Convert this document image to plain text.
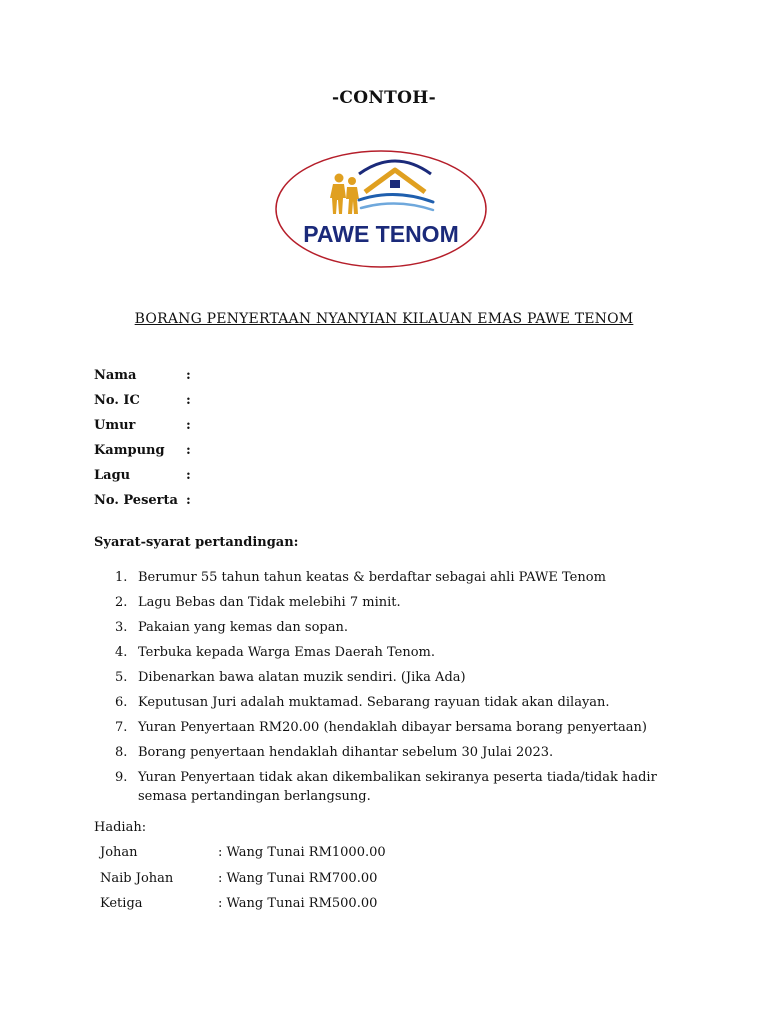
-CONTOH-
PAWE TENOM
BORANG PENYERTAAN NYANYIAN KILAUAN EMAS PAWE TENOM
Nama	:
No. IC	:
Umur	:
Kampung :
Lagu	:
No. Peserta :
Syarat-syarat pertandingan:
1. Berumur 55 tahun tahun keatas & berdaftar sebagai ahli PAWE Tenom
2. Lagu Bebas dan Tidak melebihi 7 minit.
3. Pakaian yang kemas dan sopan.
4. Terbuka kepada Warga Emas Daerah Tenom.
5. Dibenarkan bawa alatan muzik sendiri. (Jika Ada)
6. Keputusan Juri adalah muktamad. Sebarang rayuan tidak akan dilayan.
7. Yuran Penyertaan RM20.00 (hendaklah dibayar bersama borang penyertaan)
8. Borang penyertaan hendaklah dihantar sebelum 30 Julai 2023.
9. Yuran Penyertaan tidak akan dikembalikan sekiranya peserta tiada/tidak hadir semasa pertandingan berlangsung.
Hadiah:
Johan	: Wang Tunai RM1000.00
Naib Johan	: Wang Tunai RM700.00
Ketiga	: Wang Tunai RM500.00
